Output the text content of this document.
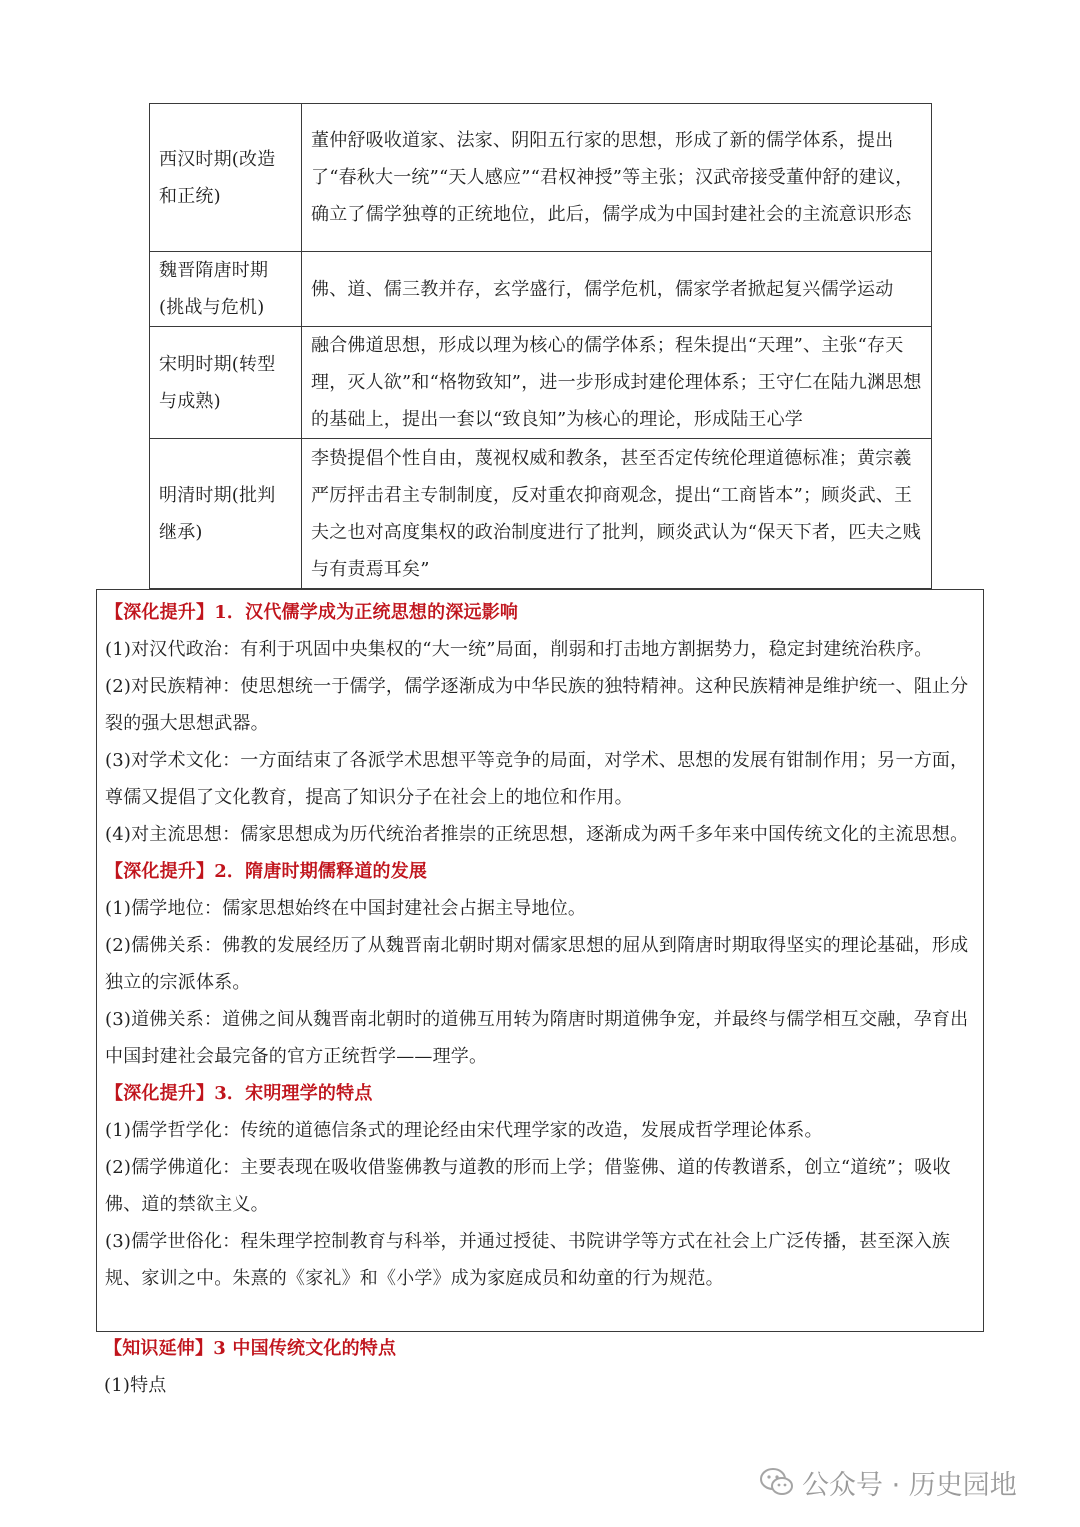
西汉时期(改造和正统)	董仲舒吸收道家、法家、阴阳五行家的思想，形成了新的儒学体系，提出了“春秋大一统”“天人感应”“君权神授”等主张；汉武帝接受董仲舒的建议，确立了儒学独尊的正统地位，此后，儒学成为中国封建社会的主流意识形态
魏晋隋唐时期(挑战与危机)	佛、道、儒三教并存，玄学盛行，儒学危机，儒家学者掀起复兴儒学运动
宋明时期(转型与成熟)	融合佛道思想，形成以理为核心的儒学体系；程朱提出“天理”、主张“存天理，灭人欲”和“格物致知”，进一步形成封建伦理体系；王守仁在陆九渊思想的基础上，提出一套以“致良知”为核心的理论，形成陆王心学
明清时期(批判继承)	李贽提倡个性自由，蔑视权威和教条，甚至否定传统伦理道德标准；黄宗羲严厉抨击君主专制制度，反对重农抑商观念，提出“工商皆本”；顾炎武、王夫之也对高度集权的政治制度进行了批判，顾炎武认为“保天下者，匹夫之贱与有责焉耳矣”

【深化提升】1．汉代儒学成为正统思想的深远影响

(1)对汉代政治：有利于巩固中央集权的“大一统”局面，削弱和打击地方割据势力，稳定封建统治秩序。

(2)对民族精神：使思想统一于儒学，儒学逐渐成为中华民族的独特精神。这种民族精神是维护统一、阻止分裂的强大思想武器。

(3)对学术文化：一方面结束了各派学术思想平等竞争的局面，对学术、思想的发展有钳制作用；另一方面，尊儒又提倡了文化教育，提高了知识分子在社会上的地位和作用。

(4)对主流思想：儒家思想成为历代统治者推崇的正统思想，逐渐成为两千多年来中国传统文化的主流思想。

【深化提升】2．隋唐时期儒释道的发展

(1)儒学地位：儒家思想始终在中国封建社会占据主导地位。

(2)儒佛关系：佛教的发展经历了从魏晋南北朝时期对儒家思想的屈从到隋唐时期取得坚实的理论基础，形成独立的宗派体系。

(3)道佛关系：道佛之间从魏晋南北朝时的道佛互用转为隋唐时期道佛争宠，并最终与儒学相互交融，孕育出中国封建社会最完备的官方正统哲学——理学。

【深化提升】3．宋明理学的特点

(1)儒学哲学化：传统的道德信条式的理论经由宋代理学家的改造，发展成哲学理论体系。

(2)儒学佛道化：主要表现在吸收借鉴佛教与道教的形而上学；借鉴佛、道的传教谱系，创立“道统”；吸收佛、道的禁欲主义。

(3)儒学世俗化：程朱理学控制教育与科举，并通过授徒、书院讲学等方式在社会上广泛传播，甚至深入族规、家训之中。朱熹的《家礼》和《小学》成为家庭成员和幼童的行为规范。

【知识延伸】3 中国传统文化的特点

(1)特点

公众号 · 历史园地
